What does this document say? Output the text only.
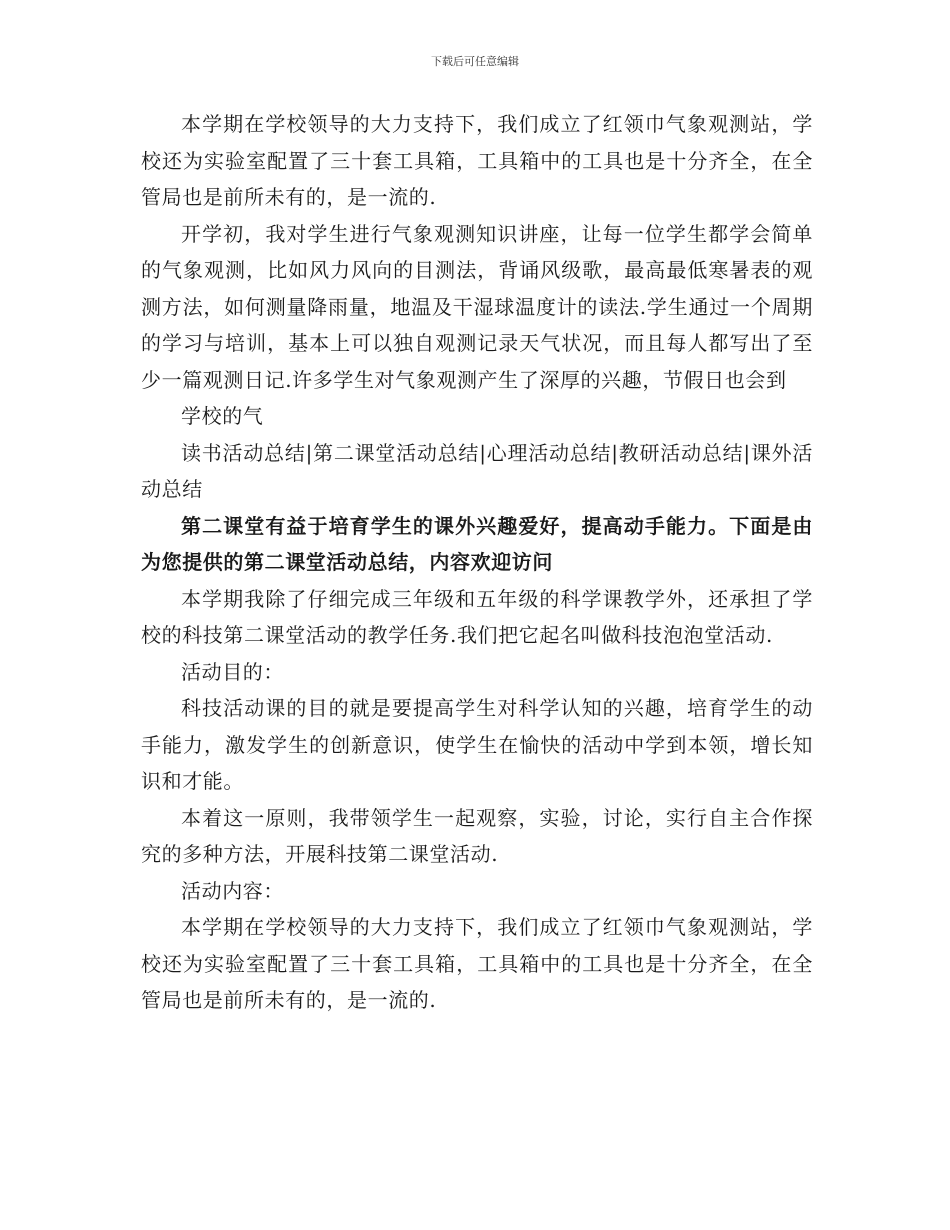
下载后可任意编辑

本学期在学校领导的大力支持下，我们成立了红领巾气象观测站，学校还为实验室配置了三十套工具箱，工具箱中的工具也是十分齐全，在全管局也是前所未有的，是一流的.

开学初，我对学生进行气象观测知识讲座，让每一位学生都学会简单的气象观测，比如风力风向的目测法，背诵风级歌，最高最低寒暑表的观测方法，如何测量降雨量，地温及干湿球温度计的读法.学生通过一个周期的学习与培训，基本上可以独自观测记录天气状况，而且每人都写出了至少一篇观测日记.许多学生对气象观测产生了深厚的兴趣，节假日也会到

学校的气

读书活动总结|第二课堂活动总结|心理活动总结|教研活动总结|课外活动总结

第二课堂有益于培育学生的课外兴趣爱好，提高动手能力。下面是由为您提供的第二课堂活动总结，内容欢迎访问

本学期我除了仔细完成三年级和五年级的科学课教学外，还承担了学校的科技第二课堂活动的教学任务.我们把它起名叫做科技泡泡堂活动.

活动目的：

科技活动课的目的就是要提高学生对科学认知的兴趣，培育学生的动手能力，激发学生的创新意识，使学生在愉快的活动中学到本领，增长知识和才能。

本着这一原则，我带领学生一起观察，实验，讨论，实行自主合作探究的多种方法，开展科技第二课堂活动.

活动内容：

本学期在学校领导的大力支持下，我们成立了红领巾气象观测站，学校还为实验室配置了三十套工具箱，工具箱中的工具也是十分齐全，在全管局也是前所未有的，是一流的.
